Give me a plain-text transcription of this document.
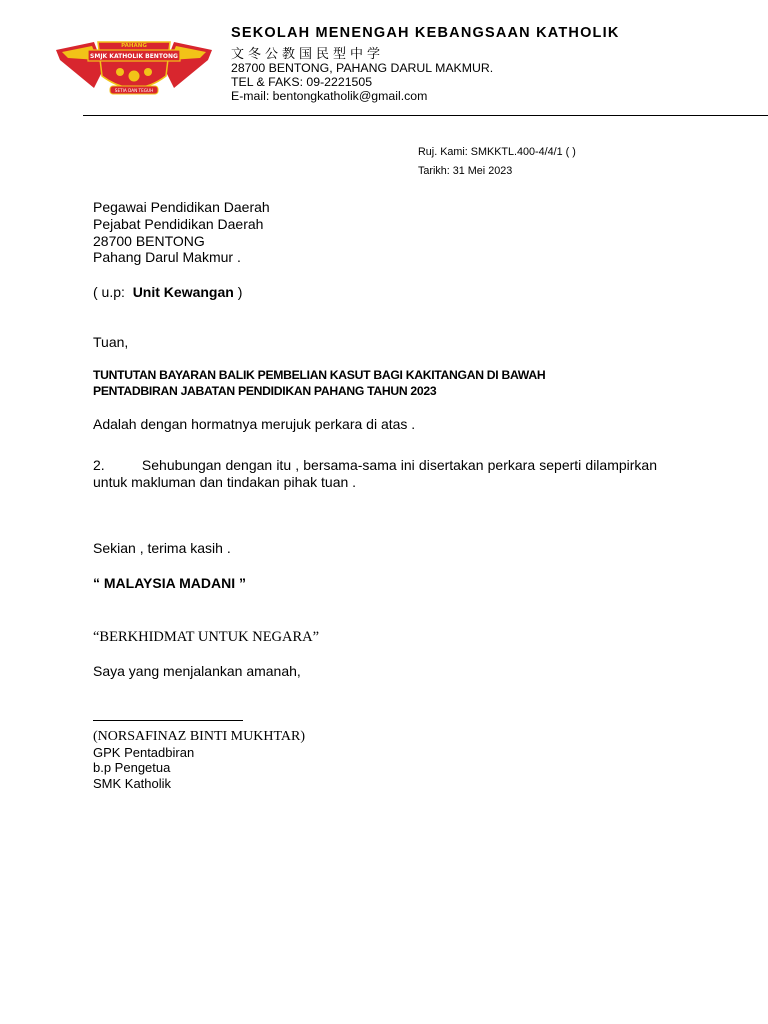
PAHANG
SMJK KATHOLIK BENTONG
SETIA DAN TEGUH
SEKOLAH MENENGAH KEBANGSAAN KATHOLIK
文冬公教国民型中学
28700 BENTONG, PAHANG DARUL MAKMUR.
TEL & FAKS: 09-2221505
E-mail: bentongkatholik@gmail.com
Ruj. Kami: SMKKTL.400-4/4/1 ( )
Tarikh: 31 Mei 2023
Pegawai Pendidikan Daerah
Pejabat Pendidikan Daerah
28700 BENTONG
Pahang Darul Makmur .
( u.p: Unit Kewangan )
Tuan,
TUNTUTAN BAYARAN BALIK PEMBELIAN KASUT BAGI KAKITANGAN DI BAWAH
PENTADBIRAN JABATAN PENDIDIKAN PAHANG TAHUN 2023
Adalah dengan hormatnya merujuk perkara di atas .
2.	Sehubungan dengan itu , bersama-sama ini disertakan perkara seperti dilampirkan untuk makluman dan tindakan pihak tuan .
Sekian , terima kasih .
“ MALAYSIA MADANI ”
“BERKHIDMAT UNTUK NEGARA”
Saya yang menjalankan amanah,
(NORSAFINAZ BINTI MUKHTAR)
GPK Pentadbiran
b.p Pengetua
SMK Katholik
